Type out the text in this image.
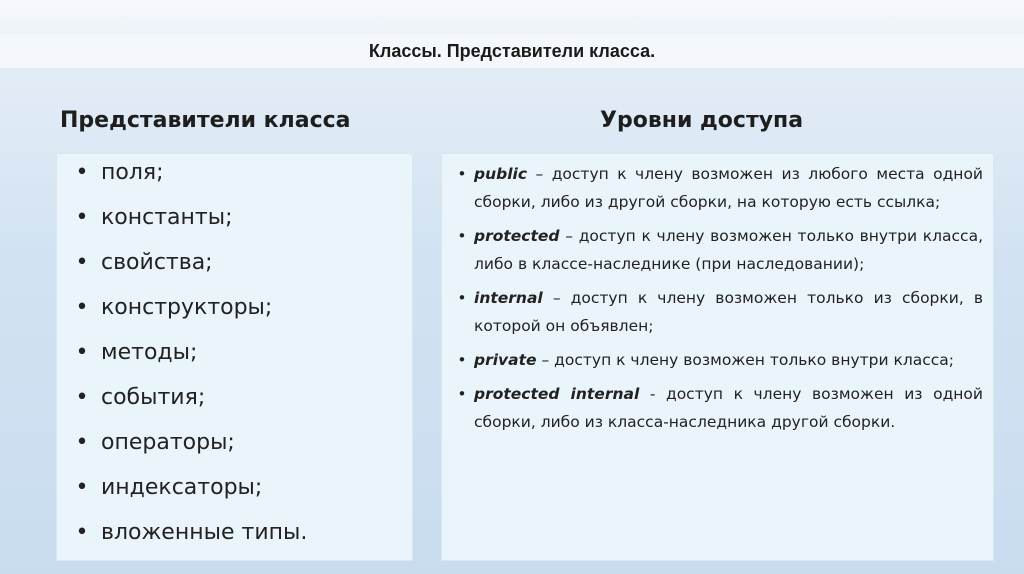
Классы. Представители класса.
Представители класса	Уровни доступа
• поля;
• константы;
• свойства;
• конструкторы;
• методы;
• события;
• операторы;
• индексаторы;
• вложенные типы.
• public – доступ к члену возможен из любого места одной сборки, либо из другой сборки, на которую есть ссылка;
• protected – доступ к члену возможен только внутри класса, либо в классе-наследнике (при наследовании);
• internal – доступ к члену возможен только из сборки, в которой он объявлен;
• private – доступ к члену возможен только внутри класса;
• protected internal - доступ к члену возможен из одной сборки, либо из класса-наследника другой сборки.
